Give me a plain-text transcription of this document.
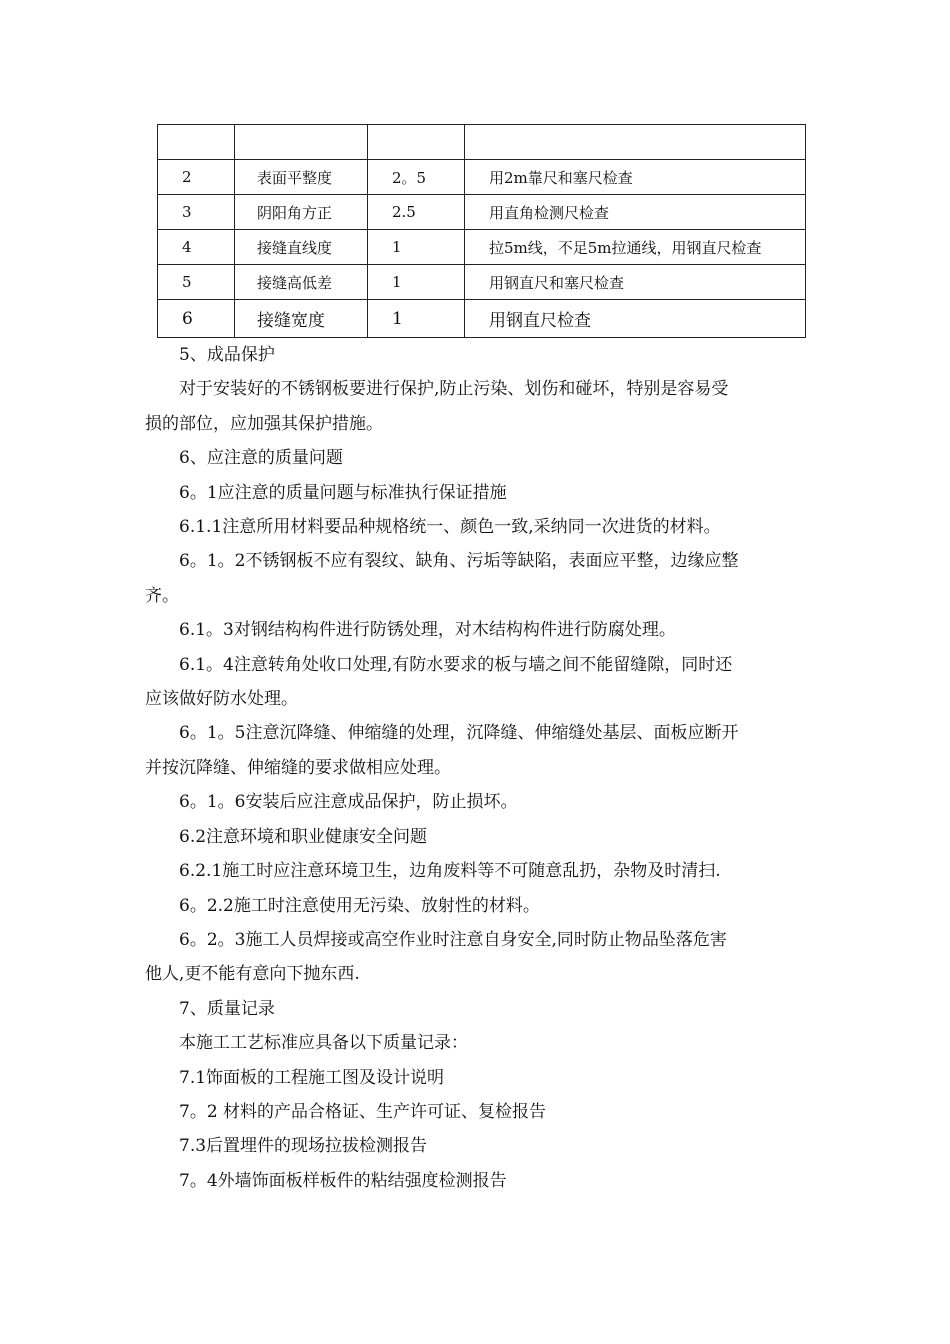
2	表面平整度	2。5	用2m靠尺和塞尺检查
3	阴阳角方正	2.5	用直角检测尺检查
4	接缝直线度	1	拉5m线，不足5m拉通线，用钢直尺检查
5	接缝高低差	1	用钢直尺和塞尺检查
6	接缝宽度	1	用钢直尺检查

5、成品保护

对于安装好的不锈钢板要进行保护,防止污染、划伤和碰坏，特别是容易受

损的部位，应加强其保护措施。

6、应注意的质量问题

6。1应注意的质量问题与标准执行保证措施

6.1.1注意所用材料要品种规格统一、颜色一致,采纳同一次进货的材料。

6。1。2不锈钢板不应有裂纹、缺角、污垢等缺陷，表面应平整，边缘应整

齐。

6.1。3对钢结构构件进行防锈处理，对木结构构件进行防腐处理。

6.1。4注意转角处收口处理,有防水要求的板与墙之间不能留缝隙，同时还

应该做好防水处理。

6。1。5注意沉降缝、伸缩缝的处理，沉降缝、伸缩缝处基层、面板应断开

并按沉降缝、伸缩缝的要求做相应处理。

6。1。6安装后应注意成品保护，防止损坏。

6.2注意环境和职业健康安全问题

6.2.1施工时应注意环境卫生，边角废料等不可随意乱扔，杂物及时清扫.

6。2.2施工时注意使用无污染、放射性的材料。

6。2。3施工人员焊接或高空作业时注意自身安全,同时防止物品坠落危害

他人,更不能有意向下抛东西.

7、质量记录

本施工工艺标准应具备以下质量记录：

7.1饰面板的工程施工图及设计说明

7。2 材料的产品合格证、生产许可证、复检报告

7.3后置埋件的现场拉拔检测报告

7。4外墙饰面板样板件的粘结强度检测报告
